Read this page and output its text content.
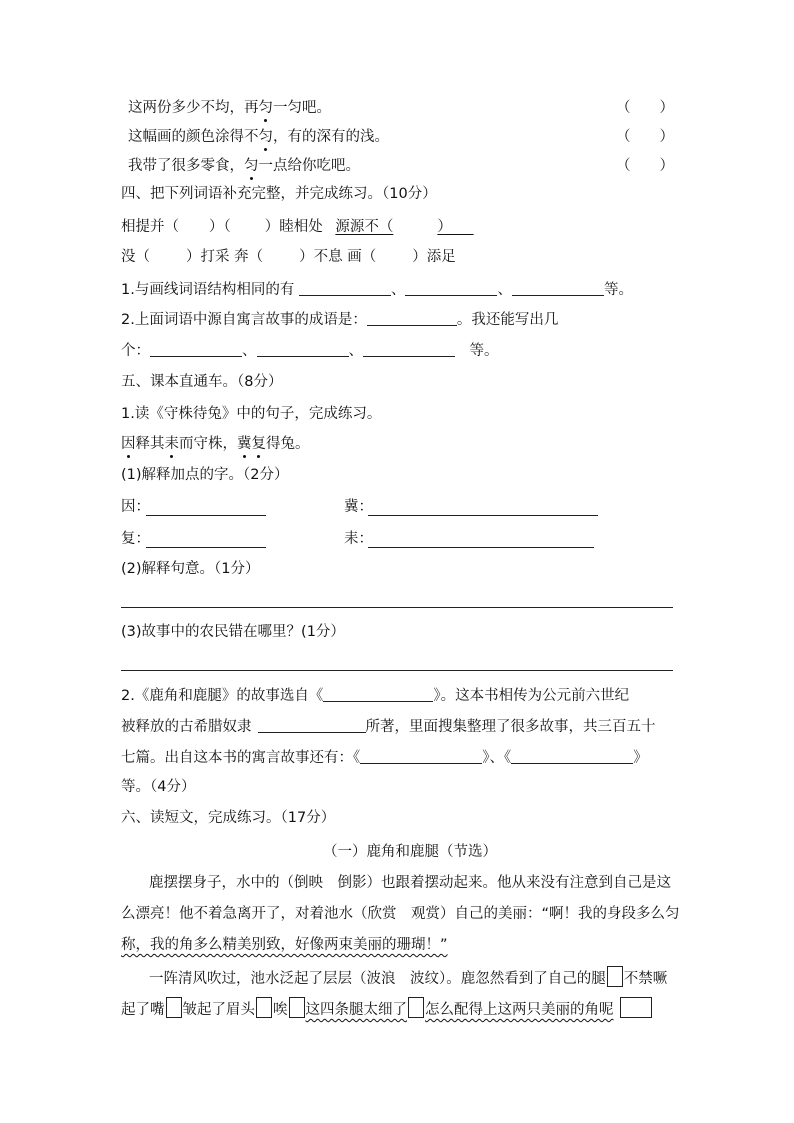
这两份多少不均，再匀一匀吧。	（　　）
这幅画的颜色涂得不匀，有的深有的浅。	（　　）
我带了很多零食，匀一点给你吃吧。	（　　）
四、把下列词语补充完整，并完成练习。（10分）
相提并（ ）（ ）睦相处 源源不（　　　	）　　
没（ ）打采 奔（ ）不息 画（ ）添足
1.与画线词语结构相同的有	、	、	等。
2.上面词语中源自寓言故事的成语是：	。我还能写出几
个：	、	、　	等。
五、课本直通车。（8分）
1.读《守株待兔》中的句子，完成练习。
因释其耒而守株，冀复得兔。
(1)解释加点的字。（2分）
因：	冀：
复：	耒：
(2)解释句意。（1分）
(3)故事中的农民错在哪里？(1分）
2.《鹿角和鹿腿》的故事选自《	》。这本书相传为公元前六世纪
被释放的古希腊奴隶	所著，里面搜集整理了很多故事，共三百五十
七篇。出自这本书的寓言故事还有：《	》、《	》
等。（4分）
六、读短文，完成练习。（17分）
（一）鹿角和鹿腿（节选）
鹿摆摆身子，水中的（倒映　倒影）也跟着摆动起来。他从来没有注意到自己是这
么漂亮！他不着急离开了，对着池水（欣赏　观赏）自己的美丽：“啊！我的身段多么匀
称，我的角多么精美别致，好像两束美丽的珊瑚！”
一阵清风吹过，池水泛起了层层（波浪　波纹）。鹿忽然看到了自己的腿 不禁噘
起了嘴 皱起了眉头 唉 这四条腿太细了 怎么配得上这两只美丽的角呢
